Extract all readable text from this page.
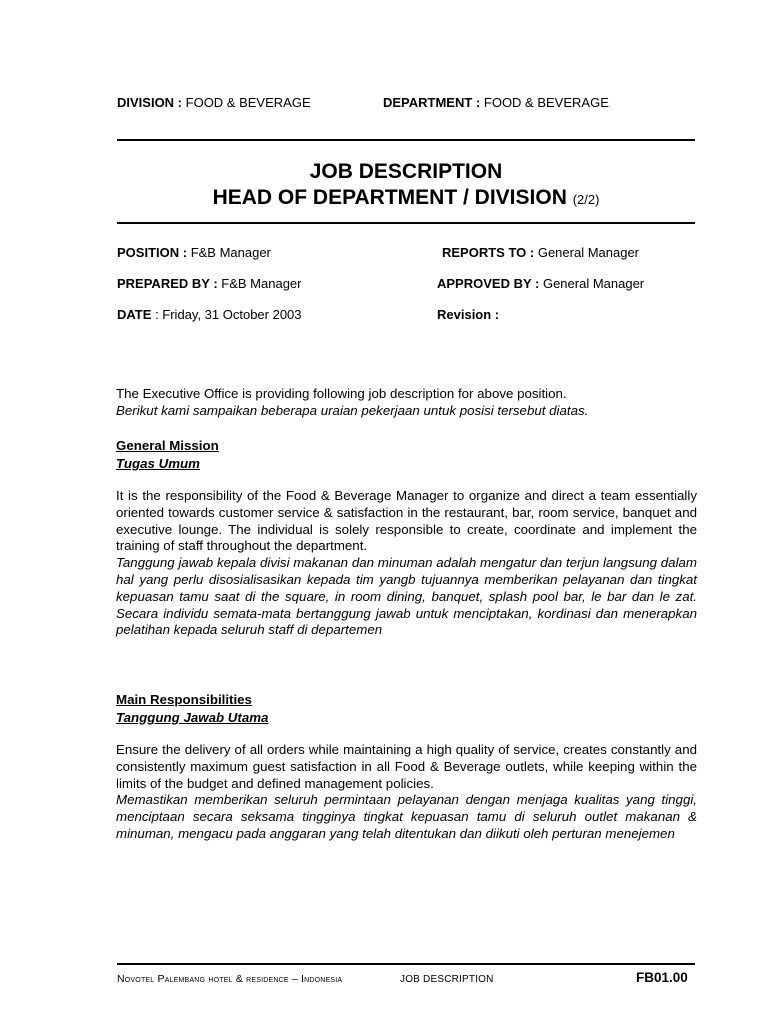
DIVISION : FOOD & BEVERAGE	DEPARTMENT : FOOD & BEVERAGE
JOB DESCRIPTION
HEAD OF DEPARTMENT / DIVISION (2/2)
POSITION : F&B Manager	REPORTS TO : General Manager
PREPARED BY : F&B Manager	APPROVED BY : General Manager
DATE : Friday, 31 October 2003	Revision :
The Executive Office is providing following job description for above position.
Berikut kami sampaikan beberapa uraian pekerjaan untuk posisi tersebut diatas.
General Mission
Tugas Umum
It is the responsibility of the Food & Beverage Manager to organize and direct a team essentially oriented towards customer service & satisfaction in the restaurant, bar, room service, banquet and executive lounge. The individual is solely responsible to create, coordinate and implement the training of staff throughout the department.
Tanggung jawab kepala divisi makanan dan minuman adalah mengatur dan terjun langsung dalam hal yang perlu disosialisasikan kepada tim yangb tujuannya memberikan pelayanan dan tingkat kepuasan tamu saat di the square, in room dining, banquet, splash pool bar, le bar dan le zat. Secara individu semata-mata bertanggung jawab untuk menciptakan, kordinasi dan menerapkan pelatihan kepada seluruh staff di departemen
Main Responsibilities
Tanggung Jawab Utama
Ensure the delivery of all orders while maintaining a high quality of service, creates constantly and consistently maximum guest satisfaction in all Food & Beverage outlets, while keeping within the limits of the budget and defined management policies.
Memastikan memberikan seluruh permintaan pelayanan dengan menjaga kualitas yang tinggi, menciptaan secara seksama tingginya tingkat kepuasan tamu di seluruh outlet makanan & minuman, mengacu pada anggaran yang telah ditentukan dan diikuti oleh perturan menejemen
Novotel Palembang hotel & residence – Indonesia	JOB DESCRIPTION	FB01.00
